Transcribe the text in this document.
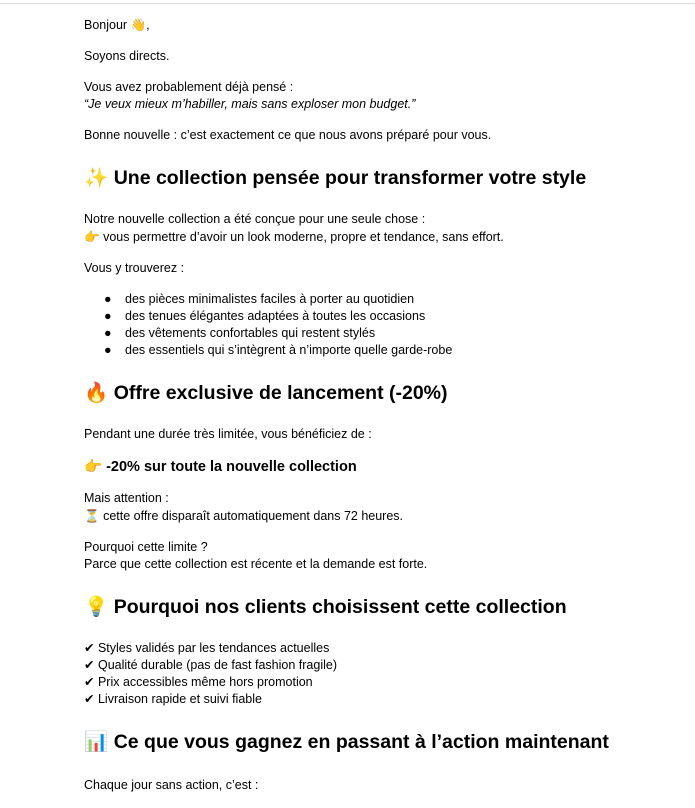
Bonjour 👋,

Soyons directs.

Vous avez probablement déjà pensé :
“Je veux mieux m’habiller, mais sans exploser mon budget.”

Bonne nouvelle : c’est exactement ce que nous avons préparé pour vous.

✨ Une collection pensée pour transformer votre style

Notre nouvelle collection a été conçue pour une seule chose :
👉 vous permettre d’avoir un look moderne, propre et tendance, sans effort.

Vous y trouverez :

● des pièces minimalistes faciles à porter au quotidien
● des tenues élégantes adaptées à toutes les occasions
● des vêtements confortables qui restent stylés
● des essentiels qui s’intègrent à n’importe quelle garde-robe
🔥 Offre exclusive de lancement (-20%)

Pendant une durée très limitée, vous bénéficiez de :

👉 -20% sur toute la nouvelle collection

Mais attention :
⏳ cette offre disparaît automatiquement dans 72 heures.

Pourquoi cette limite ?
Parce que cette collection est récente et la demande est forte.

💡 Pourquoi nos clients choisissent cette collection

✔ Styles validés par les tendances actuelles
✔ Qualité durable (pas de fast fashion fragile)
✔ Prix accessibles même hors promotion
✔ Livraison rapide et suivi fiable

📊 Ce que vous gagnez en passant à l’action maintenant

Chaque jour sans action, c’est :
